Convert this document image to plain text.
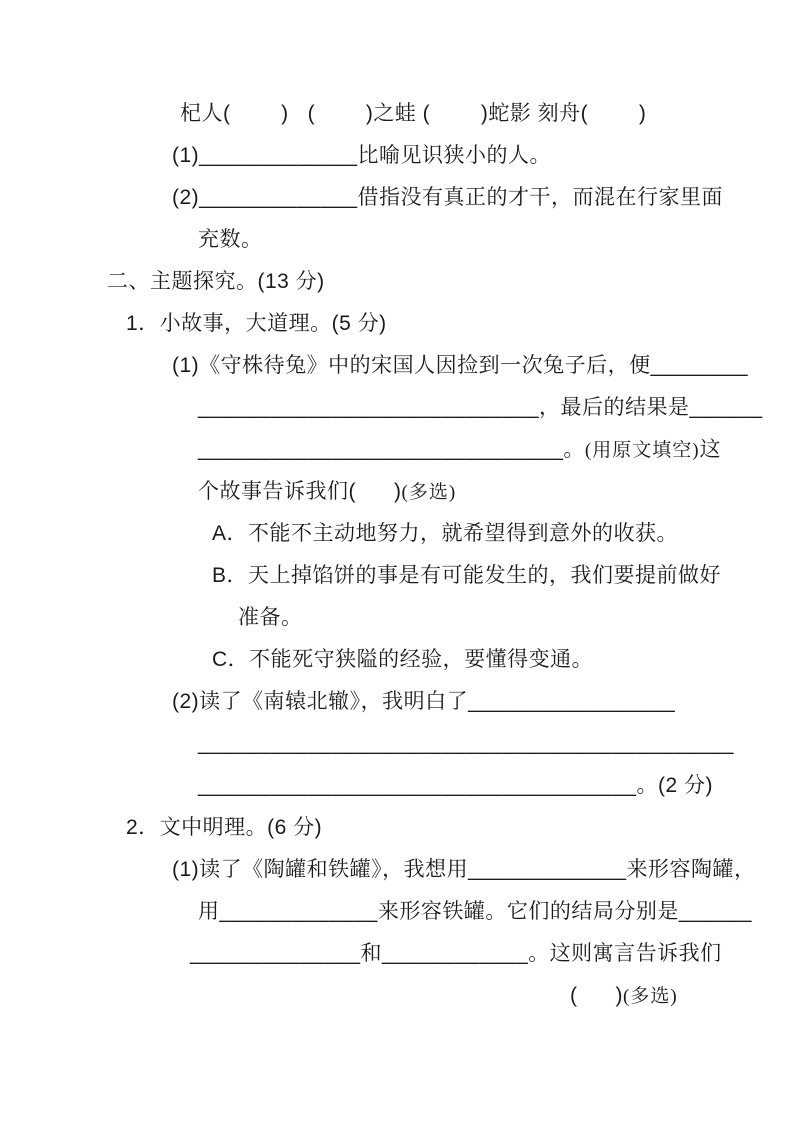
杞人(        )   (        )之蛙 (        )蛇影 刻舟(        )
(1)_____________比喻见识狭小的人。
(2)_____________借指没有真正的才干，而混在行家里面
充数。
二、主题探究。(13 分)
1．小故事，大道理。(5 分)
(1)《守株待兔》中的宋国人因捡到一次兔子后，便________
____________________________，最后的结果是______
______________________________。(用原文填空)这
个故事告诉我们(      )(多选)
A．不能不主动地努力，就希望得到意外的收获。
B．天上掉馅饼的事是有可能发生的，我们要提前做好
准备。
C．不能死守狭隘的经验，要懂得变通。
(2)读了《南辕北辙》，我明白了_________________
____________________________________________
____________________________________。(2 分)
2．文中明理。(6 分)
(1)读了《陶罐和铁罐》，我想用_____________来形容陶罐，
用_____________来形容铁罐。它们的结局分别是______
______________和____________。这则寓言告诉我们
(      )(多选)
